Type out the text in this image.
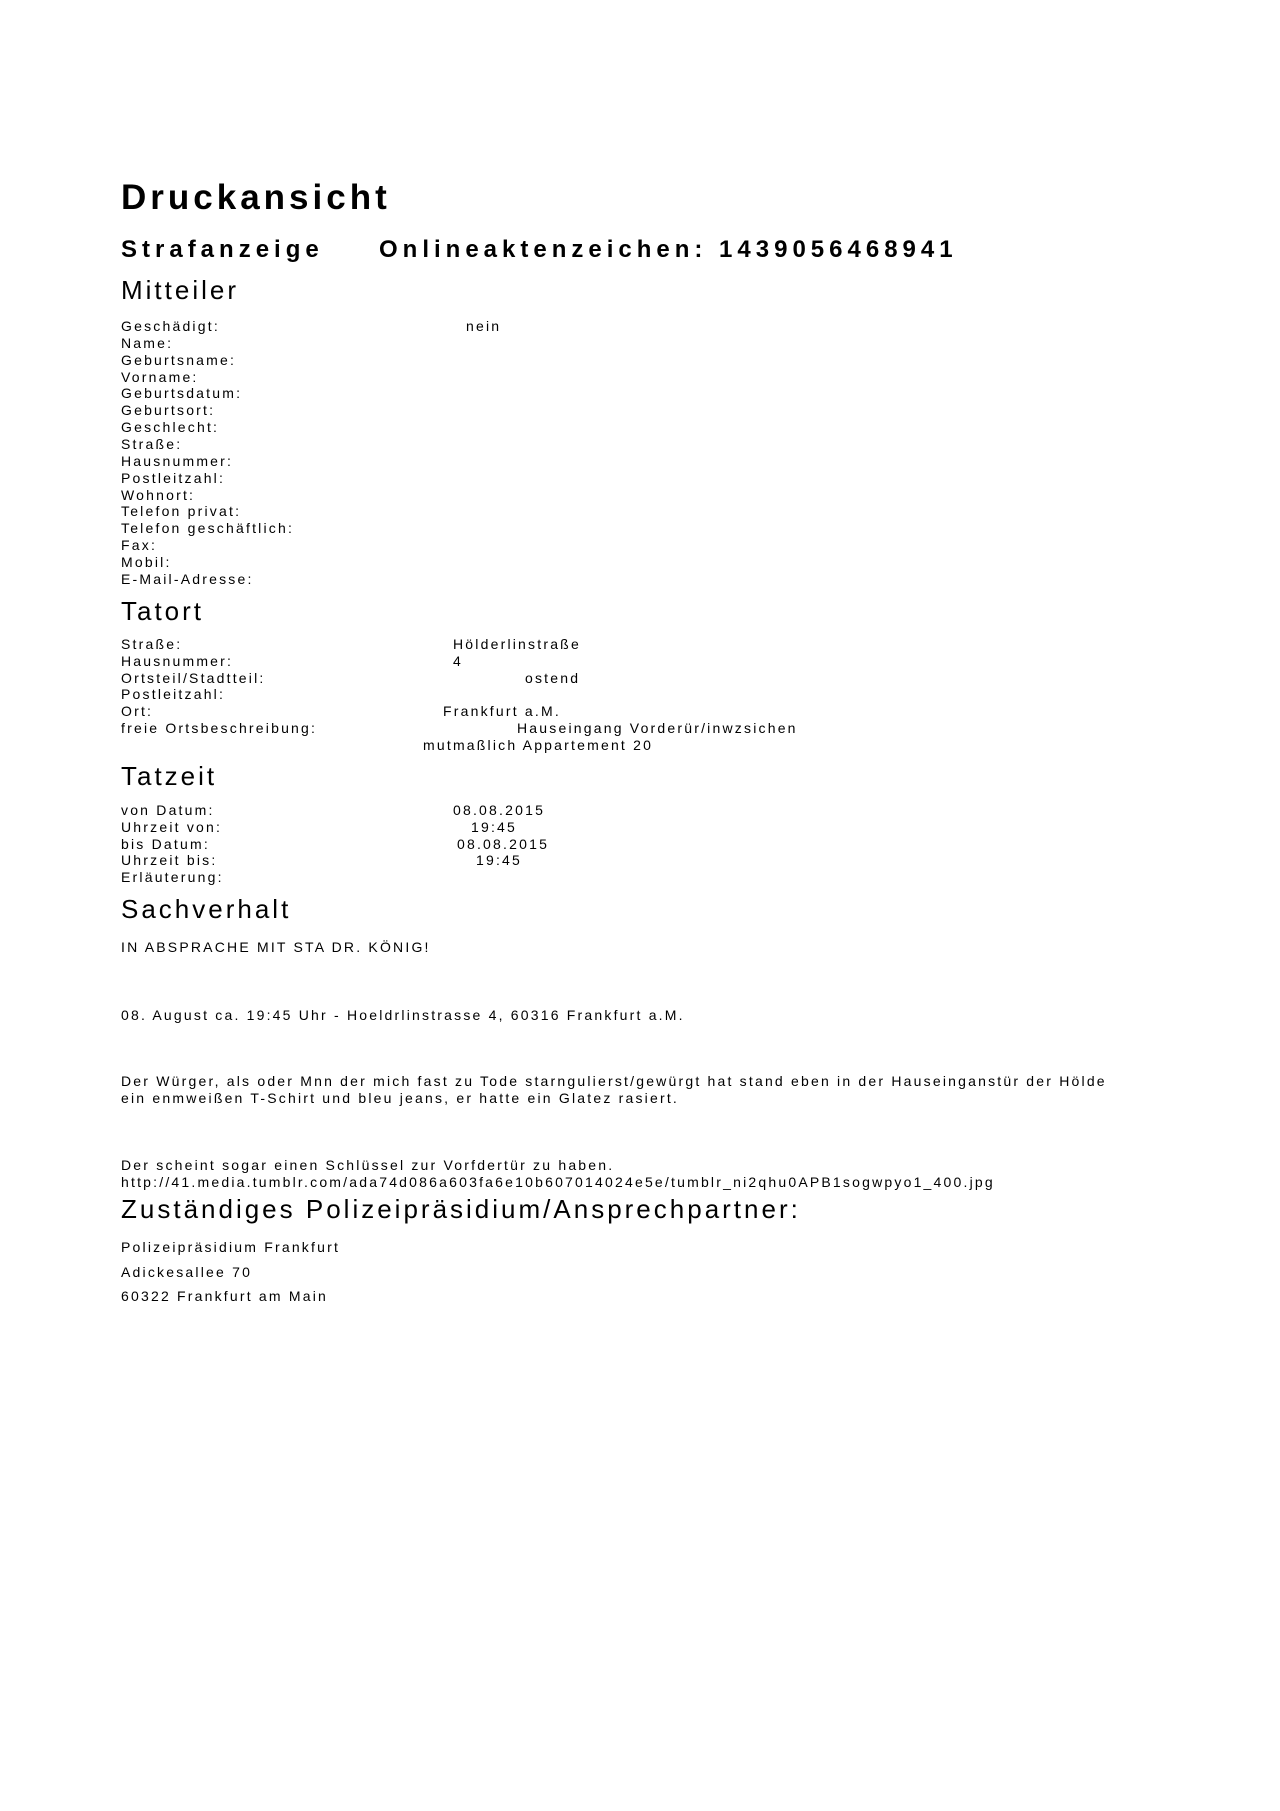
Druckansicht
Strafanzeige Onlineaktenzeichen: 1439056468941
Mitteiler
Geschädigt:	nein
Name:
Geburtsname:
Vorname:
Geburtsdatum:
Geburtsort:
Geschlecht:
Straße:
Hausnummer:
Postleitzahl:
Wohnort:
Telefon privat:
Telefon geschäftlich:
Fax:
Mobil:
E-Mail-Adresse:
Tatort
Straße:	Hölderlinstraße
Hausnummer:	4
Ortsteil/Stadtteil:	ostend
Postleitzahl:
Ort:	Frankfurt a.M.
freie Ortsbeschreibung:	Hauseingang Vorderür/inwzsichen
mutmaßlich Appartement 20
Tatzeit
von Datum:	08.08.2015
Uhrzeit von:	19:45
bis Datum:	08.08.2015
Uhrzeit bis:	19:45
Erläuterung:
Sachverhalt
IN ABSPRACHE MIT STA DR. KÖNIG!
08. August ca. 19:45 Uhr - Hoeldrlinstrasse 4, 60316 Frankfurt a.M.
Der Würger, als oder Mnn der mich fast zu Tode starngulierst/gewürgt hat stand eben in der Hauseinganstür der Hölde
ein enmweißen T-Schirt und bleu jeans, er hatte ein Glatez rasiert.
Der scheint sogar einen Schlüssel zur Vorfdertür zu haben.
http://41.media.tumblr.com/ada74d086a603fa6e10b607014024e5e/tumblr_ni2qhu0APB1sogwpyo1_400.jpg
Zuständiges Polizeipräsidium/Ansprechpartner:
Polizeipräsidium Frankfurt
Adickesallee 70
60322 Frankfurt am Main
